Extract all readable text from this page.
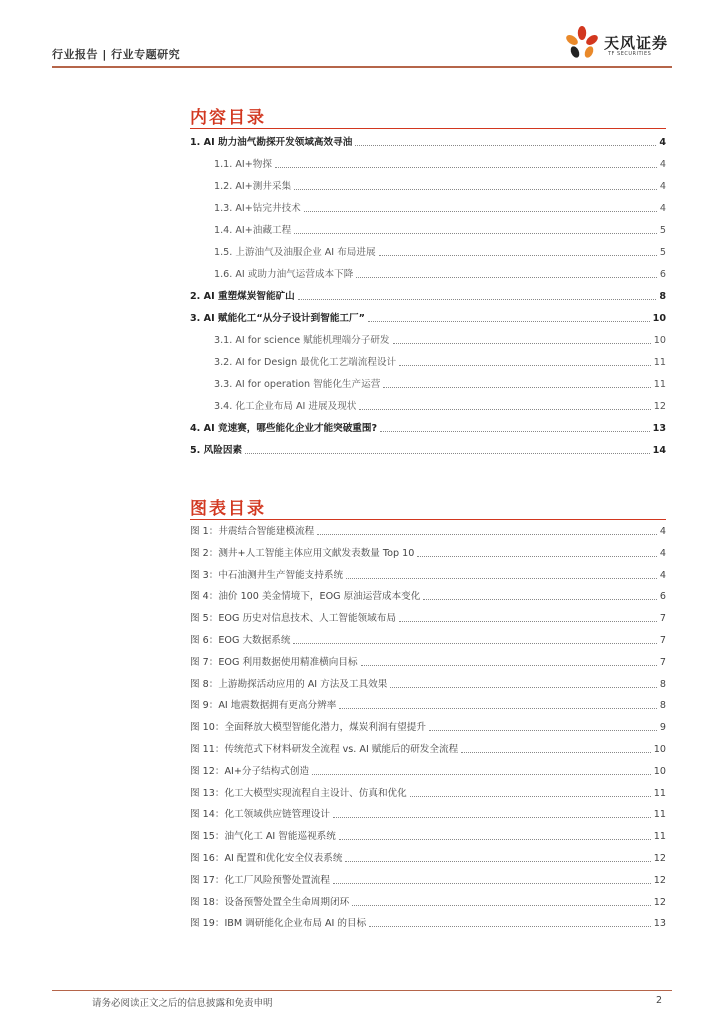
行业报告 | 行业专题研究
天风证券
TF SECURITIES
内容目录
1. AI 助力油气勘探开发领域高效寻油	4
1.1. AI+物探	4
1.2. AI+测井采集	4
1.3. AI+钻完井技术	4
1.4. AI+油藏工程	5
1.5. 上游油气及油服企业 AI 布局进展	5
1.6. AI 或助力油气运营成本下降	6
2. AI 重塑煤炭智能矿山	8
3. AI 赋能化工“从分子设计到智能工厂”	10
3.1. AI for science 赋能机理端分子研发	10
3.2. AI for Design 最优化工艺端流程设计	11
3.3. AI for operation 智能化生产运营	11
3.4. 化工企业布局 AI 进展及现状	12
4. AI 竞速赛，哪些能化企业才能突破重围?	13
5. 风险因素	14
图表目录
图 1：井震结合智能建模流程	4
图 2：测井+人工智能主体应用文献发表数量 Top 10	4
图 3：中石油测井生产智能支持系统	4
图 4：油价 100 美金情境下，EOG 原油运营成本变化	6
图 5：EOG 历史对信息技术、人工智能领域布局	7
图 6：EOG 大数据系统	7
图 7：EOG 利用数据使用精准横向目标	7
图 8：上游勘探活动应用的 AI 方法及工具效果	8
图 9：AI 地震数据拥有更高分辨率	8
图 10：全面释放大模型智能化潜力，煤炭利润有望提升	9
图 11：传统范式下材料研发全流程 vs. AI 赋能后的研发全流程	10
图 12：AI+分子结构式创造	10
图 13：化工大模型实现流程自主设计、仿真和优化	11
图 14：化工领域供应链管理设计	11
图 15：油气化工 AI 智能巡视系统	11
图 16：AI 配置和优化安全仪表系统	12
图 17：化工厂风险预警处置流程	12
图 18：设备预警处置全生命周期闭环	12
图 19：IBM 调研能化企业布局 AI 的目标	13
请务必阅读正文之后的信息披露和免责申明	2
